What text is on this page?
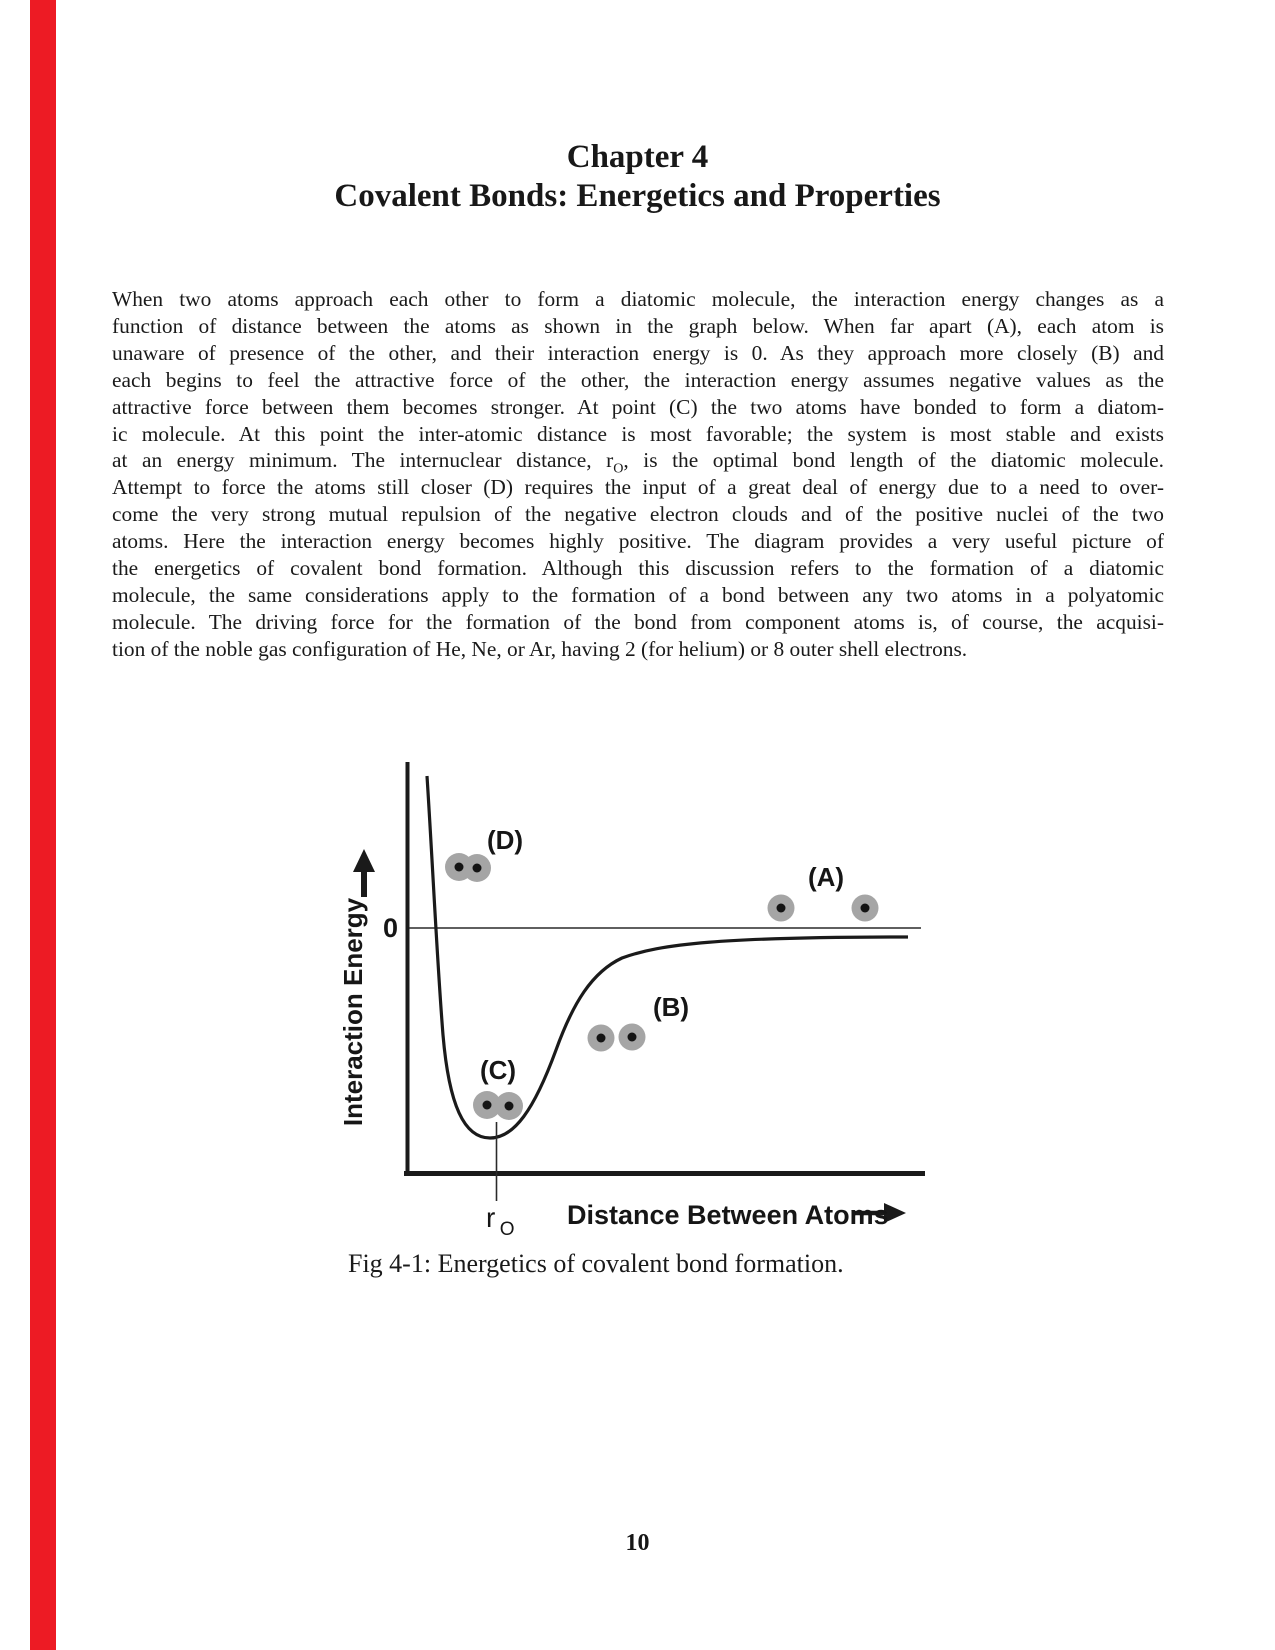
Chapter 4
Covalent Bonds: Energetics and Properties
When two atoms approach each other to form a diatomic molecule, the interaction energy changes as a
function of distance between the atoms as shown in the graph below. When far apart (A), each atom is
unaware of presence of the other, and their interaction energy is 0. As they approach more closely (B) and
each begins to feel the attractive force of the other, the interaction energy assumes negative values as the
attractive force between them becomes stronger. At point (C) the two atoms have bonded to form a diatom-
ic molecule. At this point the inter-atomic distance is most favorable; the system is most stable and exists
at an energy minimum. The internuclear distance, $r_O$, is the optimal bond length of the diatomic molecule.
Attempt to force the atoms still closer (D) requires the input of a great deal of energy due to a need to over-
come the very strong mutual repulsion of the negative electron clouds and of the positive nuclei of the two
atoms. Here the interaction energy becomes highly positive. The diagram provides a very useful picture of
the energetics of covalent bond formation. Although this discussion refers to the formation of a diatomic
molecule, the same considerations apply to the formation of a bond between any two atoms in a polyatomic
molecule. The driving force for the formation of the bond from component atoms is, of course, the acquisi-
tion of the noble gas configuration of He, Ne, or Ar, having 2 (for helium) or 8 outer shell electrons.
0
Interaction Energy
Distance Between Atoms
r O
(D)
(A)
(B)
(C)
Fig 4-1: Energetics of covalent bond formation.
10
